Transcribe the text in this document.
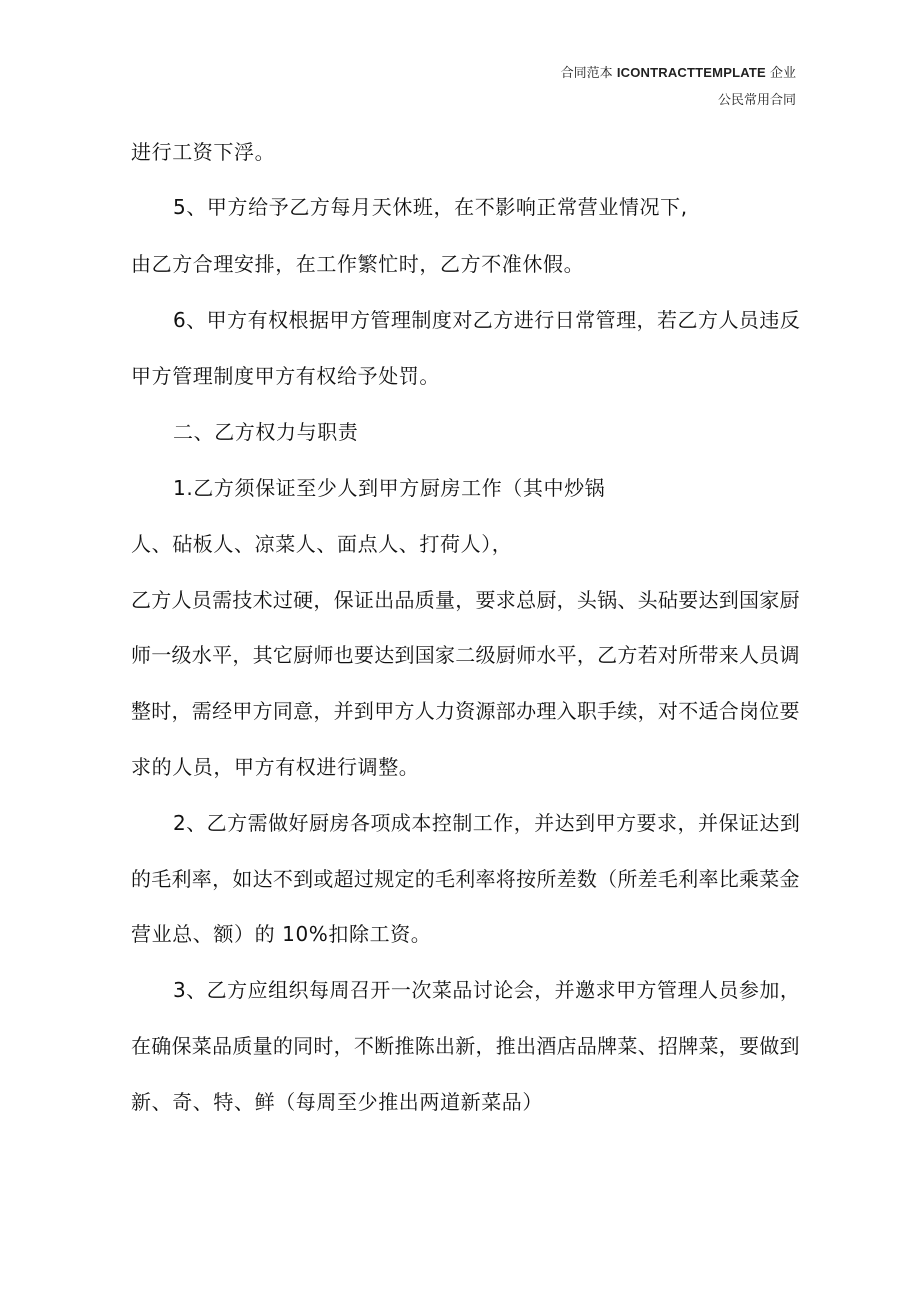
合同范本 ICONTRACTTEMPLATE 企业
公民常用合同
进行工资下浮。
5、甲方给予乙方每月天休班，在不影响正常营业情况下,
由乙方合理安排，在工作繁忙时，乙方不准休假。
6、甲方有权根据甲方管理制度对乙方进行日常管理，若乙方人员违反
甲方管理制度甲方有权给予处罚。
二、乙方权力与职责
1.乙方须保证至少人到甲方厨房工作（其中炒锅
人、砧板人、凉菜人、面点人、打荷人），
乙方人员需技术过硬，保证出品质量，要求总厨，头锅、头砧要达到国家厨
师一级水平，其它厨师也要达到国家二级厨师水平，乙方若对所带来人员调
整时，需经甲方同意，并到甲方人力资源部办理入职手续，对不适合岗位要
求的人员，甲方有权进行调整。
2、乙方需做好厨房各项成本控制工作，并达到甲方要求，并保证达到
的毛利率，如达不到或超过规定的毛利率将按所差数（所差毛利率比乘菜金
营业总、额）的 10%扣除工资。
3、乙方应组织每周召开一次菜品讨论会，并邀求甲方管理人员参加，
在确保菜品质量的同时，不断推陈出新，推出酒店品牌菜、招牌菜，要做到
新、奇、特、鲜（每周至少推出两道新菜品）
